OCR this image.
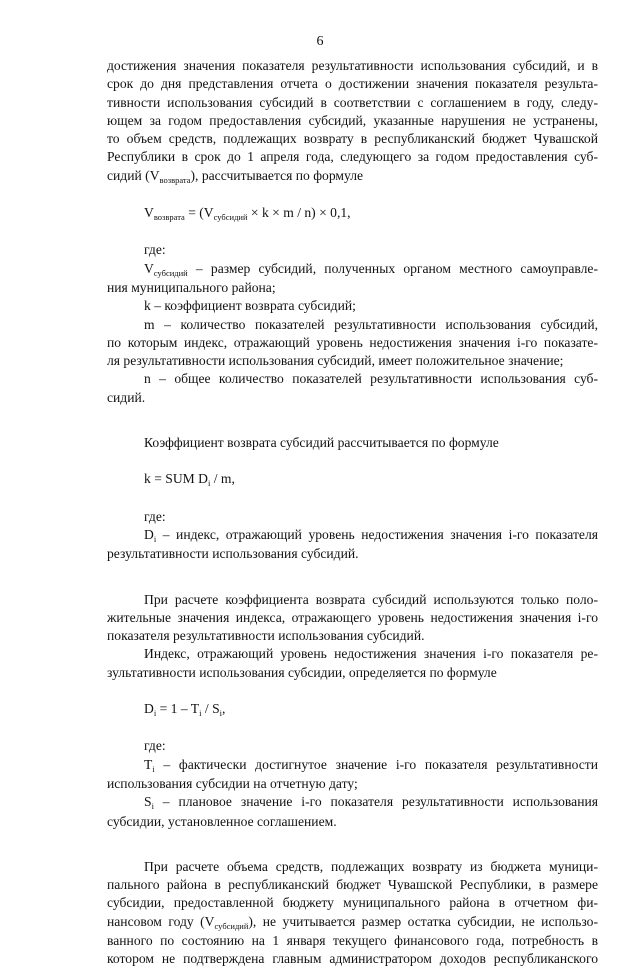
6

достижения значения показателя результативности использования субсидий, и в

срок до дня представления отчета о достижении значения показателя результа-

тивности использования субсидий в соответствии с соглашением в году, следу-

ющем за годом предоставления субсидий, указанные нарушения не устранены,

то объем средств, подлежащих возврату в республиканский бюджет Чувашской

Республики в срок до 1 апреля года, следующего за годом предоставления суб-

сидий $(V_{возврата})$, рассчитывается по формуле

$V_{возврата} = (V_{субсидий} \times k \times m / n) \times 0,1$,
где:

$V_{субсидий}$ – размер субсидий, полученных органом местного самоуправле-

ния муниципального района;

k – коэффициент возврата субсидий;

m – количество показателей результативности использования субсидий,

по которым индекс, отражающий уровень недостижения значения i-го показате-

ля результативности использования субсидий, имеет положительное значение;

n – общее количество показателей результативности использования суб-

сидий.

Коэффициент возврата субсидий рассчитывается по формуле

k = SUM $D_i$ / m,
где:

$D_i$ – индекс, отражающий уровень недостижения значения i-го показателя

результативности использования субсидий.

При расчете коэффициента возврата субсидий используются только поло-

жительные значения индекса, отражающего уровень недостижения значения i-го

показателя результативности использования субсидий.

Индекс, отражающий уровень недостижения значения i-го показателя ре-

зультативности использования субсидии, определяется по формуле

$D_i = 1 - T_i / S_i$,
где:

$T_i$ – фактически достигнутое значение i-го показателя результативности

использования субсидии на отчетную дату;

$S_i$ – плановое значение i-го показателя результативности использования

субсидии, установленное соглашением.

При расчете объема средств, подлежащих возврату из бюджета муници-

пального района в республиканский бюджет Чувашской Республики, в размере

субсидии, предоставленной бюджету муниципального района в отчетном фи-

нансовом году $(V_{субсидий})$, не учитывается размер остатка субсидии, не использо-

ванного по состоянию на 1 января текущего финансового года, потребность в

котором не подтверждена главным администратором доходов республиканского
